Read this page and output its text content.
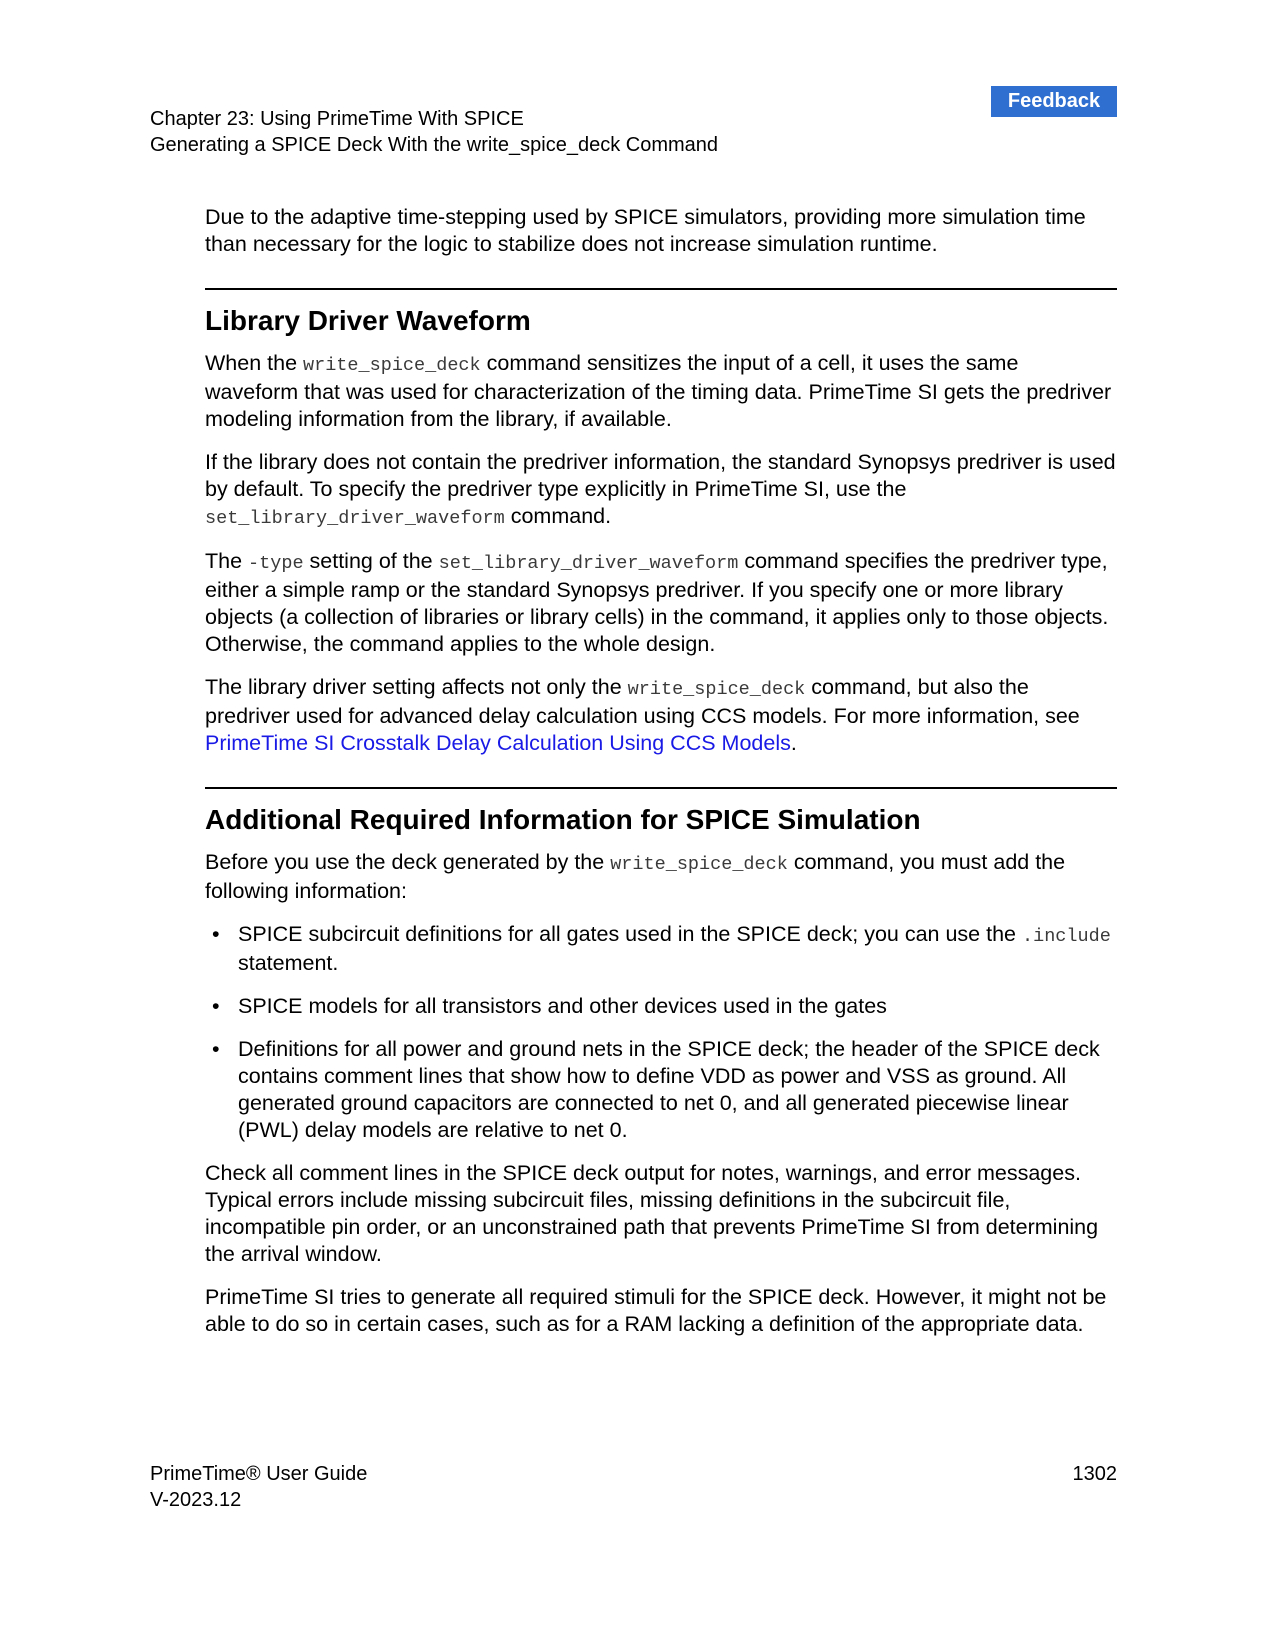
Chapter 23: Using PrimeTime With SPICE
Generating a SPICE Deck With the write_spice_deck Command
Feedback

Due to the adaptive time-stepping used by SPICE simulators, providing more simulation time than necessary for the logic to stabilize does not increase simulation runtime.

Library Driver Waveform

When the write_spice_deck command sensitizes the input of a cell, it uses the same waveform that was used for characterization of the timing data. PrimeTime SI gets the predriver modeling information from the library, if available.

If the library does not contain the predriver information, the standard Synopsys predriver is used by default. To specify the predriver type explicitly in PrimeTime SI, use the set_library_driver_waveform command.

The -type setting of the set_library_driver_waveform command specifies the predriver type, either a simple ramp or the standard Synopsys predriver. If you specify one or more library objects (a collection of libraries or library cells) in the command, it applies only to those objects. Otherwise, the command applies to the whole design.

The library driver setting affects not only the write_spice_deck command, but also the predriver used for advanced delay calculation using CCS models. For more information, see PrimeTime SI Crosstalk Delay Calculation Using CCS Models.

Additional Required Information for SPICE Simulation

Before you use the deck generated by the write_spice_deck command, you must add the following information:

• SPICE subcircuit definitions for all gates used in the SPICE deck; you can use the .include statement.
• SPICE models for all transistors and other devices used in the gates
• Definitions for all power and ground nets in the SPICE deck; the header of the SPICE deck contains comment lines that show how to define VDD as power and VSS as ground. All generated ground capacitors are connected to net 0, and all generated piecewise linear (PWL) delay models are relative to net 0.

Check all comment lines in the SPICE deck output for notes, warnings, and error messages. Typical errors include missing subcircuit files, missing definitions in the subcircuit file, incompatible pin order, or an unconstrained path that prevents PrimeTime SI from determining the arrival window.

PrimeTime SI tries to generate all required stimuli for the SPICE deck. However, it might not be able to do so in certain cases, such as for a RAM lacking a definition of the appropriate data.

PrimeTime® User Guide
V-2023.12
1302
